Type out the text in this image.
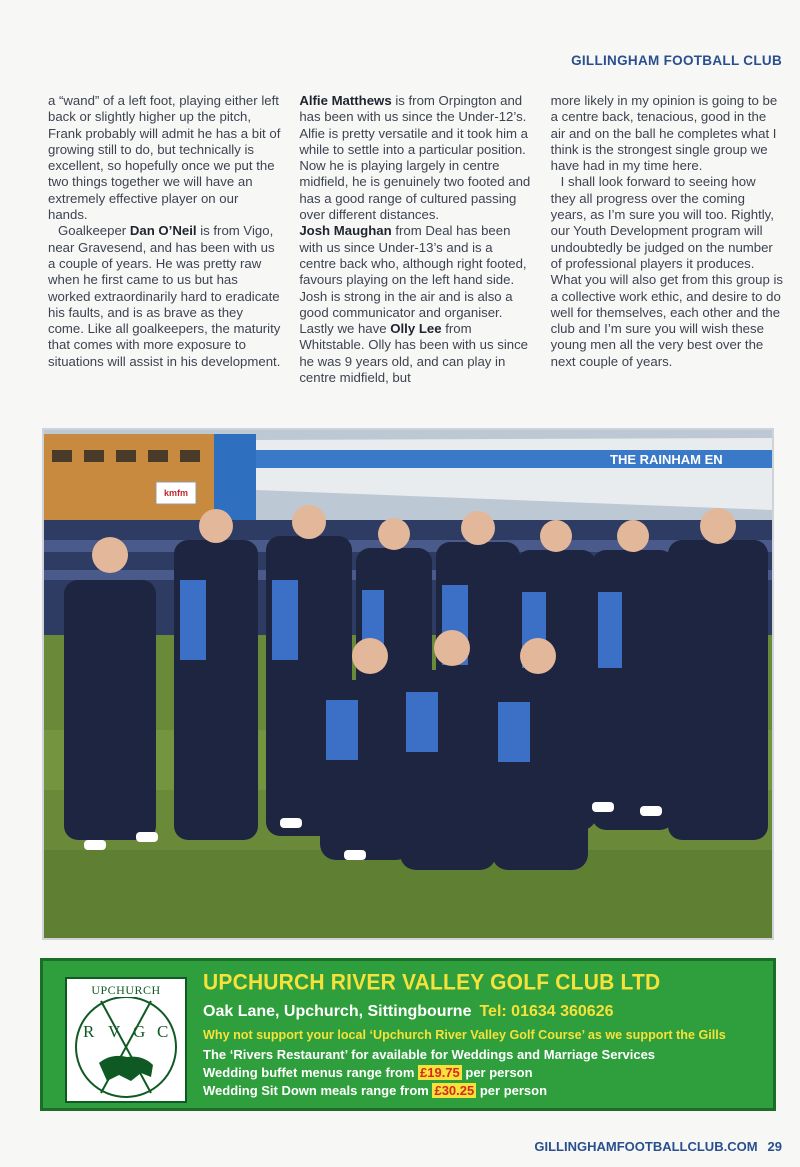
GILLINGHAM FOOTBALL CLUB

a “wand” of a left foot, playing either left back or slightly higher up the pitch, Frank probably will admit he has a bit of growing still to do, but technically is excellent, so hopefully once we put the two things together we will have an extremely effective player on our hands.

Goalkeeper Dan O’Neil is from Vigo, near Gravesend, and has been with us a couple of years. He was pretty raw when he first came to us but has worked extraordinarily hard to eradicate his faults, and is as brave as they come. Like all goalkeepers, the maturity that comes with more exposure to situations will assist in his development.

Alfie Matthews is from Orpington and has been with us since the Under-12’s. Alfie is pretty versatile and it took him a while to settle into a particular position. Now he is playing largely in centre midfield, he is genuinely two footed and has a good range of cultured passing over different distances.

Josh Maughan from Deal has been with us since Under-13’s and is a centre back who, although right footed, favours playing on the left hand side. Josh is strong in the air and is also a good communicator and organiser. Lastly we have Olly Lee from Whitstable. Olly has been with us since he was 9 years old, and can play in centre midfield, but

more likely in my opinion is going to be a centre back, tenacious, good in the air and on the ball he completes what I think is the strongest single group we have had in my time here.

I shall look forward to seeing how they all progress over the coming years, as I’m sure you will too. Rightly, our Youth Development program will undoubtedly be judged on the number of professional players it produces. What you will also get from this group is a collective work ethic, and desire to do well for themselves, each other and the club and I’m sure you will wish these young men all the very best over the next couple of years.

kmfm
THE RAINHAM EN
UPCHURCH
R V G C
UPCHURCH RIVER VALLEY GOLF CLUB LTD
Oak Lane, Upchurch, Sittingbourne Tel: 01634 360626
Why not support your local ‘Upchurch River Valley Golf Course’ as we support the Gills
The ‘Rivers Restaurant’ for available for Weddings and Marriage Services
Wedding buffet menus range from £19.75 per person
Wedding Sit Down meals range from £30.25 per person
GILLINGHAMFOOTBALLCLUB.COM 29
